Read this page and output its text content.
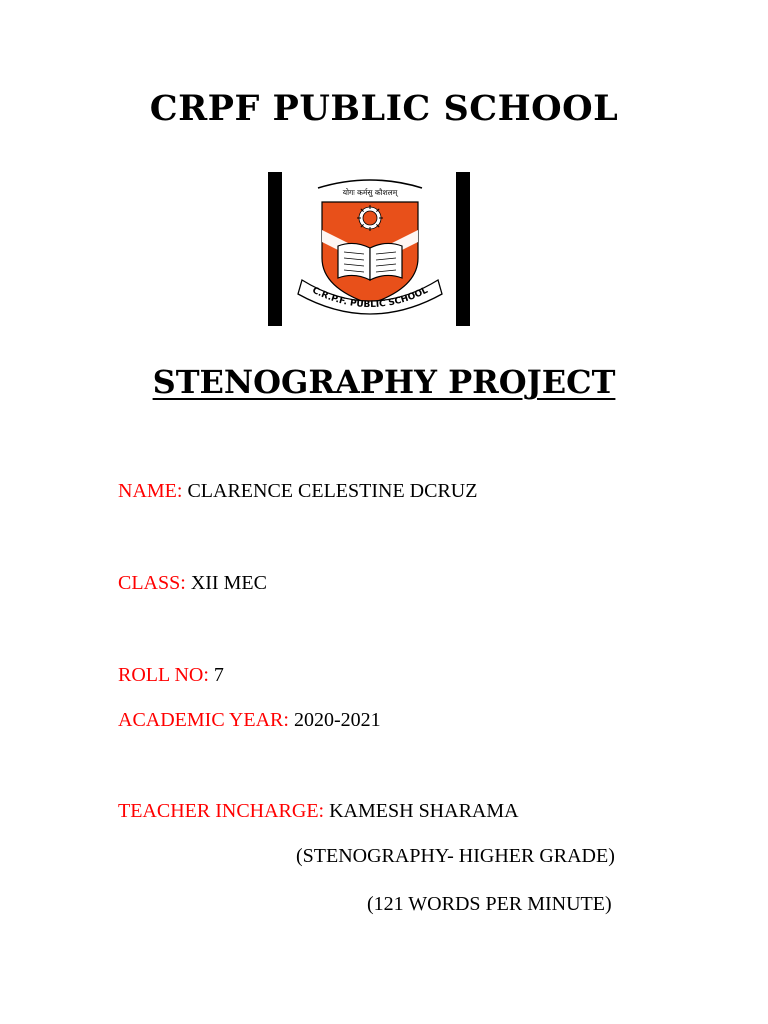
CRPF PUBLIC SCHOOL
योगः कर्मसु कौशलम्
C.R.P.F. PUBLIC SCHOOL
STENOGRAPHY PROJECT
NAME: CLARENCE CELESTINE DCRUZ
CLASS: XII MEC
ROLL NO: 7
ACADEMIC YEAR: 2020-2021
TEACHER INCHARGE: KAMESH SHARAMA
(STENOGRAPHY- HIGHER GRADE)
(121 WORDS PER MINUTE)
